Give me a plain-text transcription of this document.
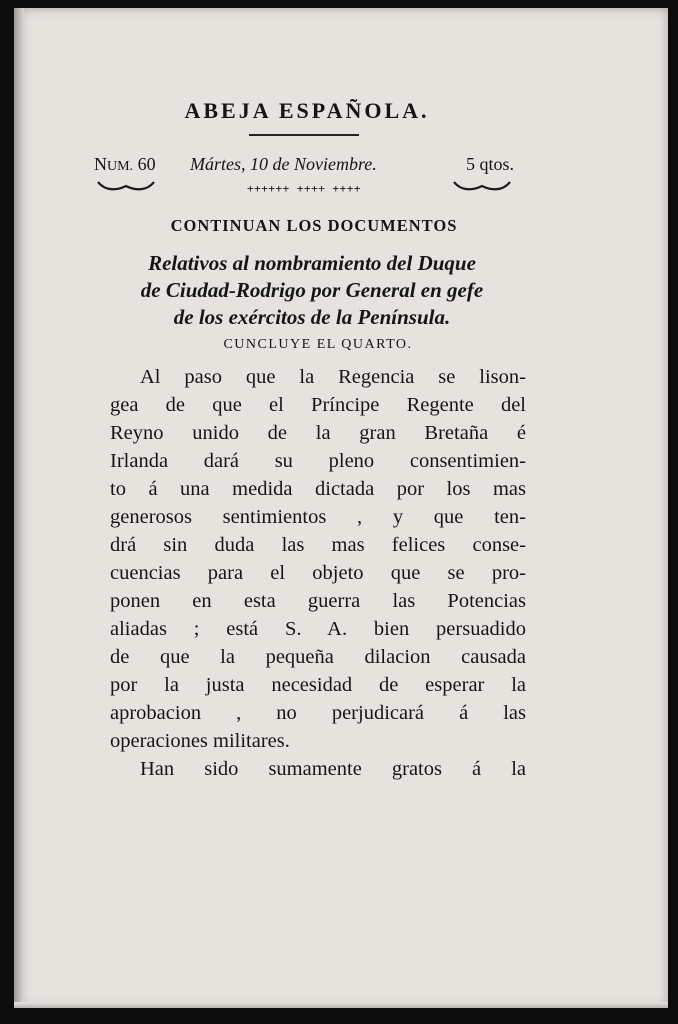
ABEJA ESPAÑOLA.
NUM. 60 Mártes, 10 de Noviembre.	5 qtos.
++++++ ++++ ++++
CONTINUAN LOS DOCUMENTOS
Relativos al nombramiento del Duque
de Ciudad-Rodrigo por General en gefe
de los exércitos de la Península.
CUNCLUYE EL QUARTO.
Al paso que la Regencia se lison-
gea de que el Príncipe Regente del
Reyno unido de la gran Bretaña é
Irlanda dará su pleno consentimien-
to á una medida dictada por los mas
generosos sentimientos , y que ten-
drá sin duda las mas felices conse-
cuencias para el objeto que se pro-
ponen en esta guerra las Potencias
aliadas ; está S. A. bien persuadido
de que la pequeña dilacion causada
por la justa necesidad de esperar la
aprobacion , no perjudicará á las
operaciones militares.
Han sido sumamente gratos á la
